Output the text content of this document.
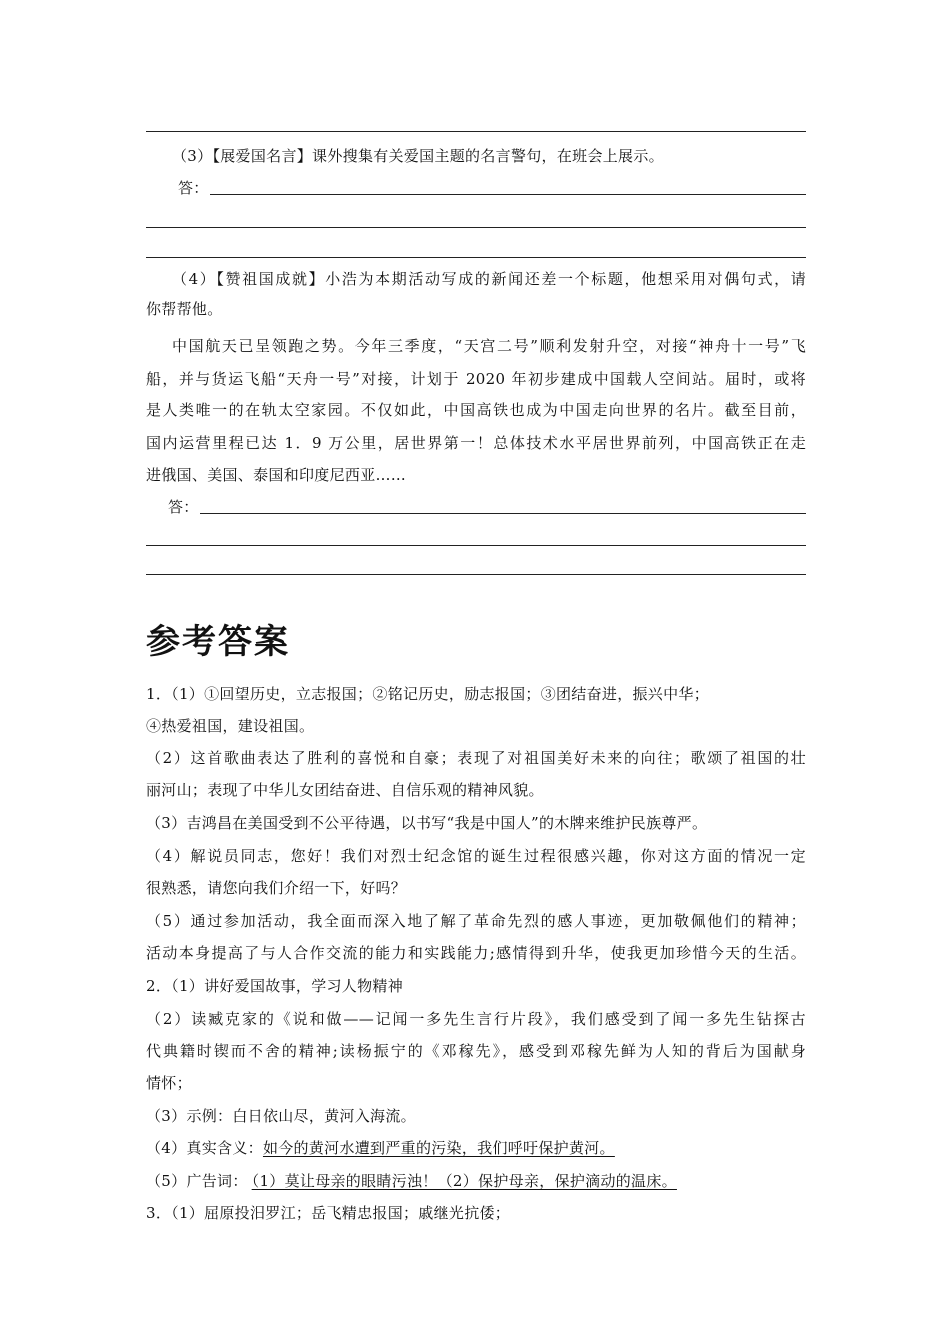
（3）【展爱国名言】课外搜集有关爱国主题的名言警句，在班会上展示。
答：
（4）【赞祖国成就】小浩为本期活动写成的新闻还差一个标题，他想采用对偶句式，请
你帮帮他。
中国航天已呈领跑之势。今年三季度，“天宫二号”顺利发射升空，对接“神舟十一号”飞
船，并与货运飞船“天舟一号”对接，计划于 2020 年初步建成中国载人空间站。届时，或将
是人类唯一的在轨太空家园。不仅如此，中国高铁也成为中国走向世界的名片。截至目前，
国内运营里程已达 1．9 万公里，居世界第一！总体技术水平居世界前列，中国高铁正在走
进俄国、美国、泰国和印度尼西亚……
答：
参考答案
1．（1）①回望历史，立志报国；②铭记历史，励志报国；③团结奋进，振兴中华；
④热爱祖国，建设祖国。
（2）这首歌曲表达了胜利的喜悦和自豪；表现了对祖国美好未来的向往；歌颂了祖国的壮
丽河山；表现了中华儿女团结奋进、自信乐观的精神风貌。
（3）吉鸿昌在美国受到不公平待遇，以书写“我是中国人”的木牌来维护民族尊严。
（4）解说员同志，您好！我们对烈士纪念馆的诞生过程很感兴趣，你对这方面的情况一定
很熟悉，请您向我们介绍一下，好吗？
（5）通过参加活动，我全面而深入地了解了革命先烈的感人事迹，更加敬佩他们的精神；
活动本身提高了与人合作交流的能力和实践能力;感情得到升华，使我更加珍惜今天的生活。
2．（1）讲好爱国故事，学习人物精神
（2）读臧克家的《说和做——记闻一多先生言行片段》，我们感受到了闻一多先生钻探古
代典籍时锲而不舍的精神;读杨振宁的《邓稼先》，感受到邓稼先鲜为人知的背后为国献身
情怀；
（3）示例：白日依山尽，黄河入海流。
（4）真实含义：如今的黄河水遭到严重的污染，我们呼吁保护黄河。
（5）广告词： （1）莫让母亲的眼睛污浊！（2）保护母亲，保护滴动的温床。
3．（1）屈原投汨罗江；岳飞精忠报国；戚继光抗倭；
